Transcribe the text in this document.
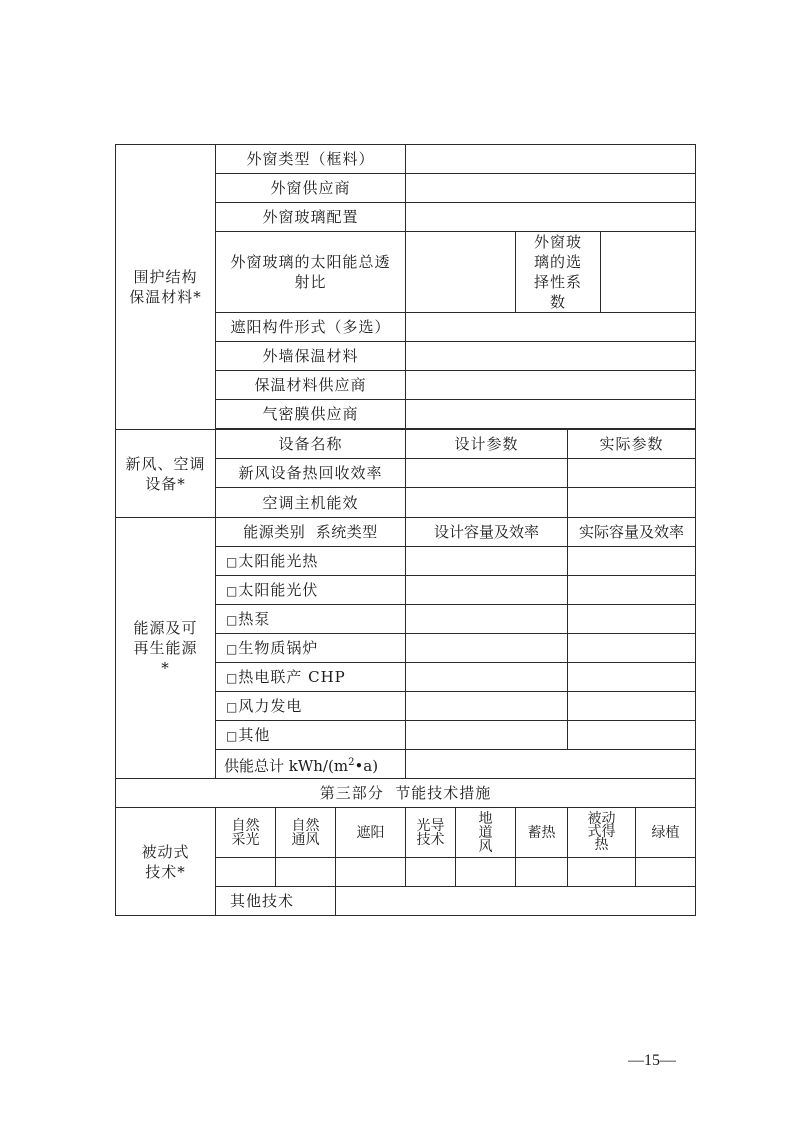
围护结构保温材料*	外窗类型（框料）								
	外窗供应商								
	外窗玻璃配置								
	外窗玻璃的太阳能总透射比					外窗玻璃的选择性系数			
	遮阳构件形式（多选）								
	外墙保温材料								
	保温材料供应商								
	气密膜供应商								

新风、空调设备*	设备名称			设计参数			实际参数		
	新风设备热回收效率								
	空调主机能效								
能源及可再生能源*	能源类别  系统类型			设计容量及效率			实际容量及效率		
	□太阳能光热								
	□太阳能光伏								
	□热泵								
	□生物质锅炉								
	□热电联产 CHP								
	□风力发电								
	□其他								
	供能总计 kWh/$(m^2•a)$								
第三部分  节能技术措施									
被动式技术*	自然采光	自然通风	遮阳	光导技术	地道风	蓄热	被动式得热		绿植

	其他技术								
—15—
